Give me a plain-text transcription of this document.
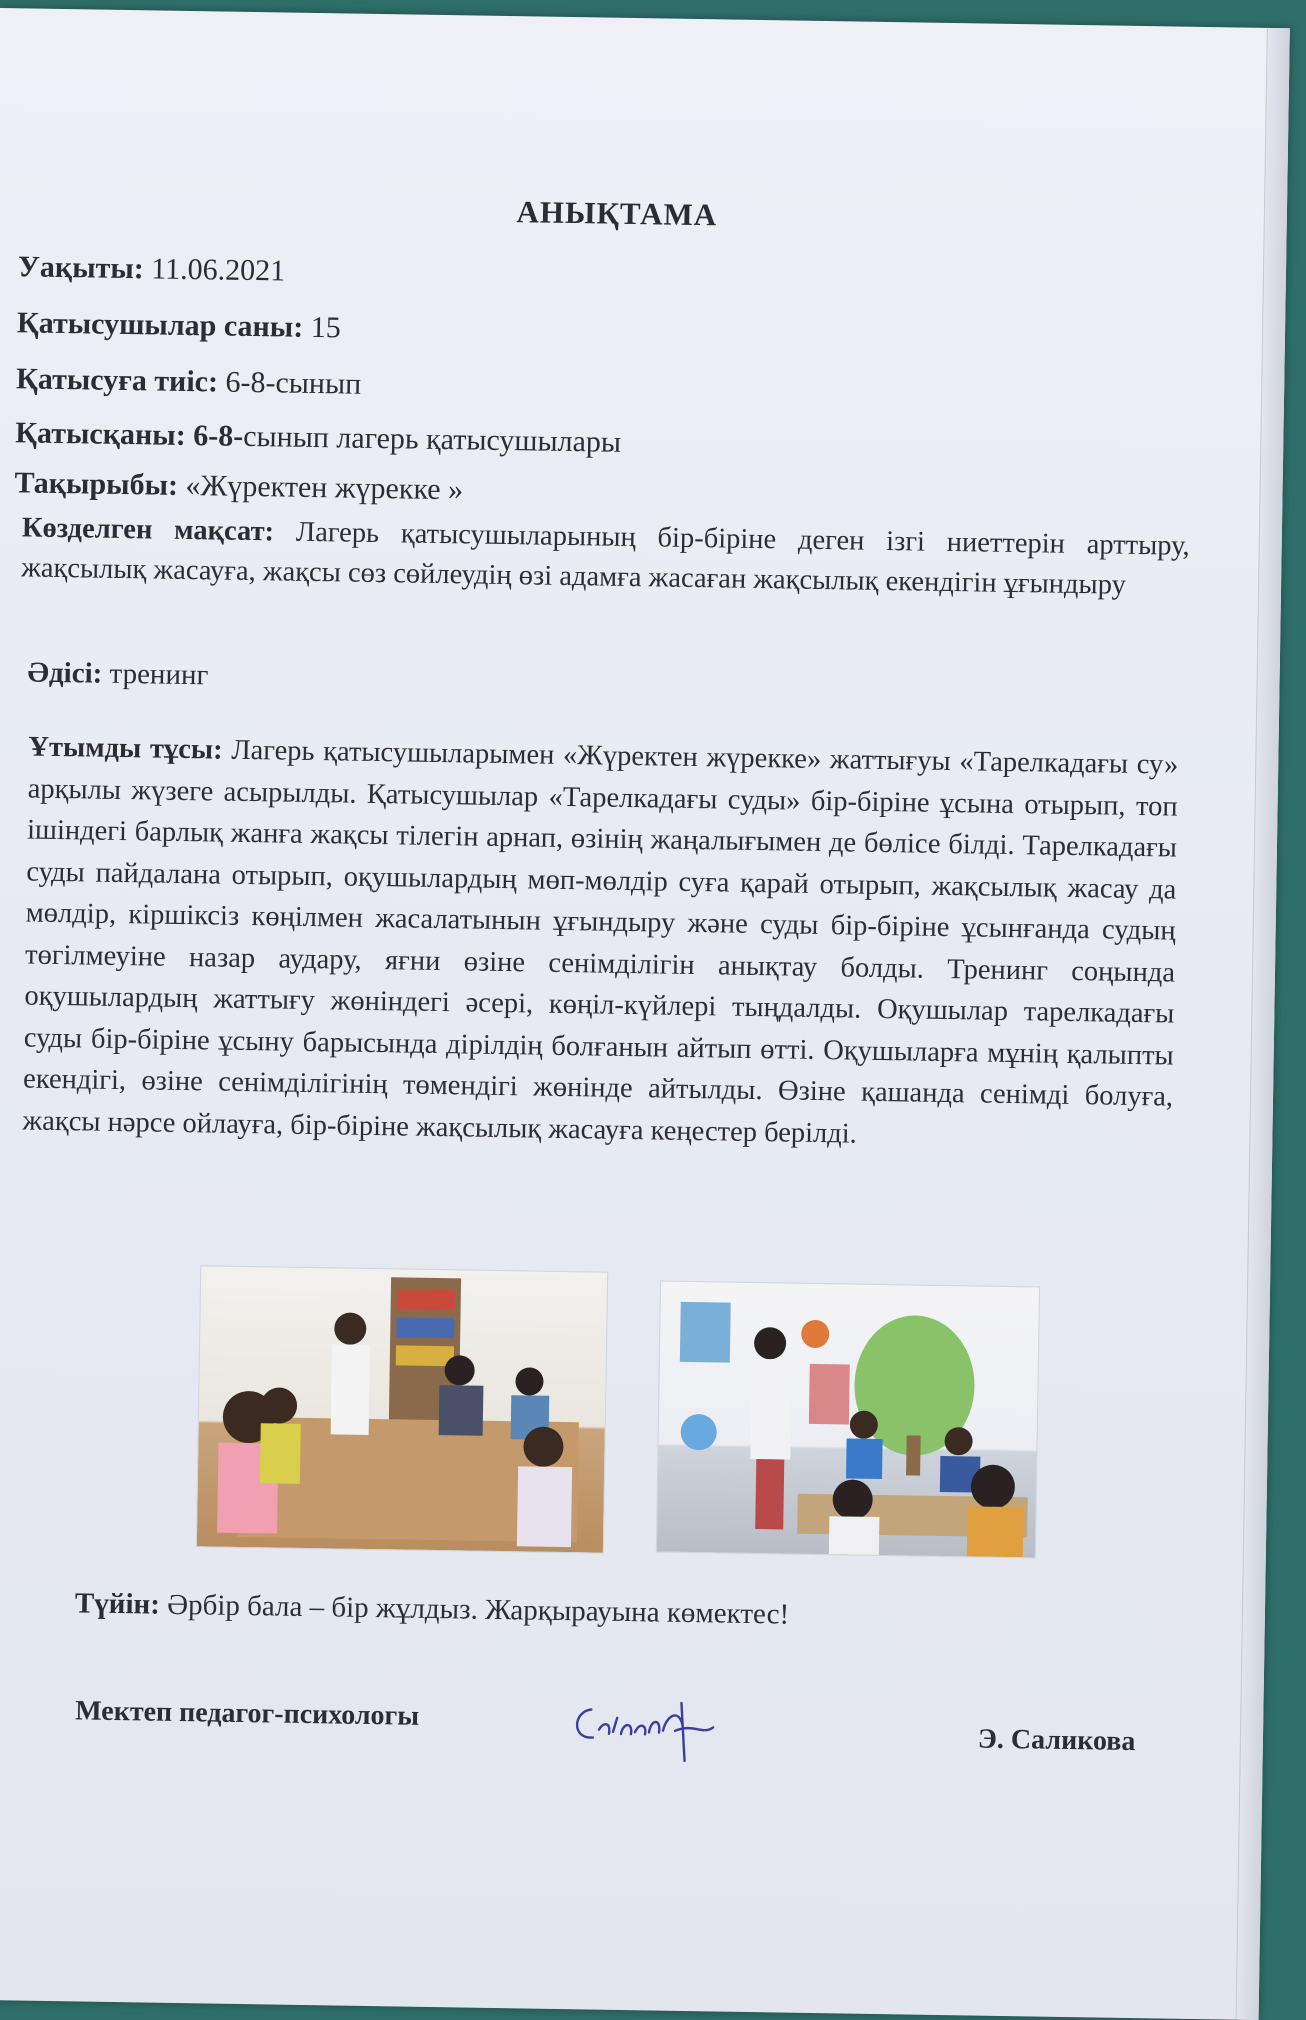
АНЫҚТАМА
Уақыты: 11.06.2021
Қатысушылар саны: 15
Қатысуға тиіс: 6-8-сынып
Қатысқаны: 6-8-сынып лагерь қатысушылары
Тақырыбы: «Жүректен жүрекке »
Көзделген мақсат: Лагерь қатысушыларының бір-біріне деген ізгі ниеттерін арттыру, жақсылық жасауға, жақсы сөз сөйлеудің өзі адамға жасаған жақсылық екендігін ұғындыру
Әдісі: тренинг
Ұтымды тұсы: Лагерь қатысушыларымен «Жүректен жүрекке» жаттығуы «Тарелкадағы су» арқылы жүзеге асырылды. Қатысушылар «Тарелкадағы суды» бір-біріне ұсына отырып, топ ішіндегі барлық жанға жақсы тілегін арнап, өзінің жаңалығымен де бөлісе білді. Тарелкадағы суды пайдалана отырып, оқушылардың мөп-мөлдір суға қарай отырып, жақсылық жасау да мөлдір, кіршіксіз көңілмен жасалатынын ұғындыру және суды бір-біріне ұсынғанда судың төгілмеуіне назар аудару, яғни өзіне сенімділігін анықтау болды. Тренинг соңында оқушылардың жаттығу жөніндегі әсері, көңіл-күйлері тыңдалды. Оқушылар тарелкадағы суды бір-біріне ұсыну барысында дірілдің болғанын айтып өтті. Оқушыларға мұнің қалыпты екендігі, өзіне сенімділігінің төмендігі жөнінде айтылды. Өзіне қашанда сенімді болуға, жақсы нәрсе ойлауға, бір-біріне жақсылық жасауға кеңестер берілді.
Түйін: Әрбір бала – бір жұлдыз. Жарқырауына көмектес!
Мектеп педагог-психологы
Э. Саликова
